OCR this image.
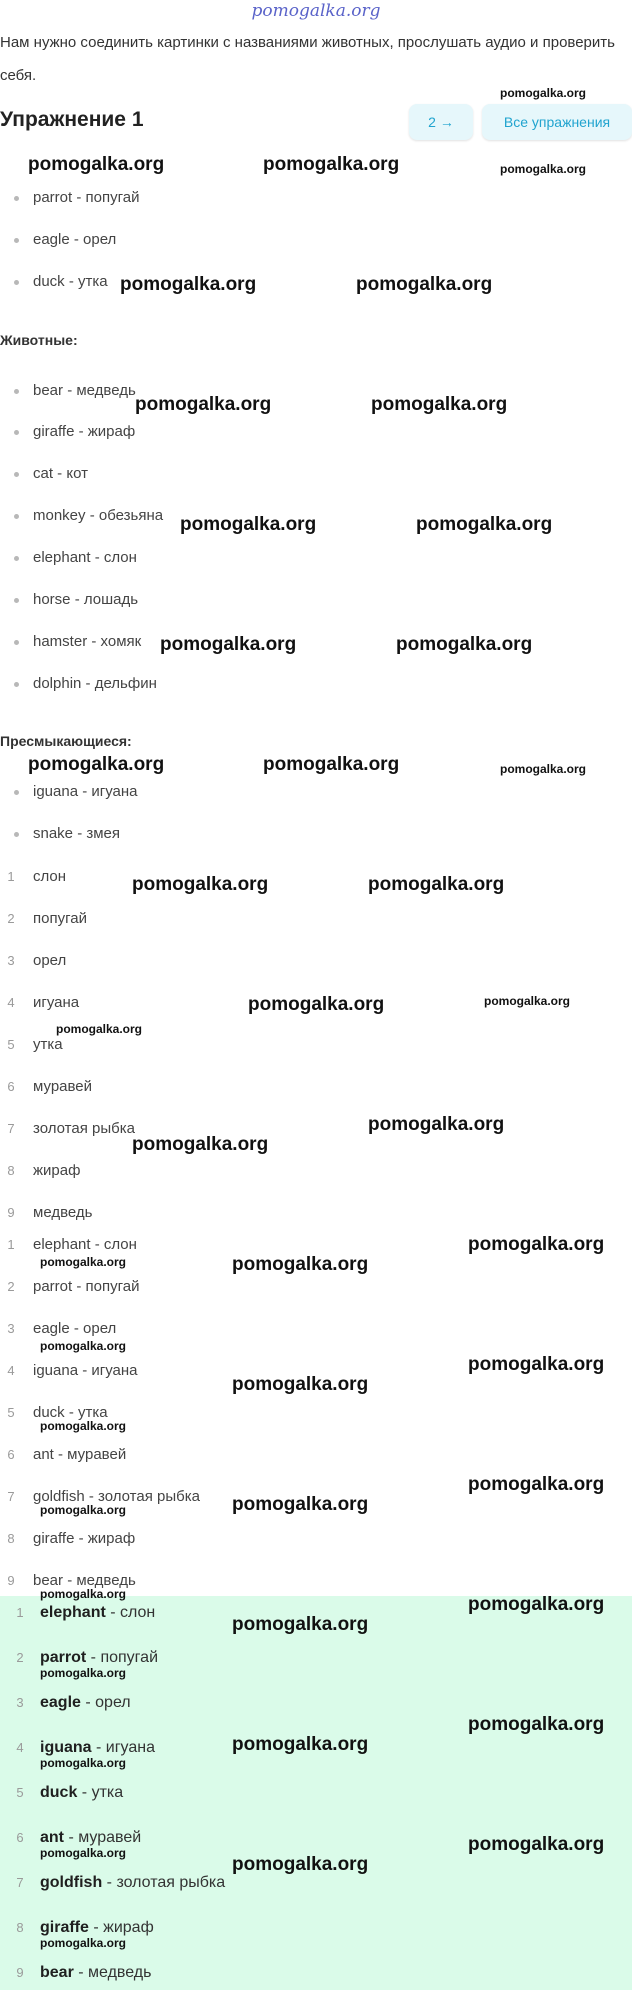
pomogalka.org
Нам нужно соединить картинки с названиями животных, прослушать аудио и проверить себя.
Упражнение 1	2 →	Все упражнения
parrot - попугай
eagle - орел
duck - утка
Животные:
bear - медведь
giraffe - жираф
cat - кот
monkey - обезьяна
elephant - слон
horse - лошадь
hamster - хомяк
dolphin - дельфин
Пресмыкающиеся:
iguana - игуана
snake - змея
1	слон
2	попугай
3	орел
4	игуана
5	утка
6	муравей
7	золотая рыбка
8	жираф
9	медведь
1	elephant - слон
2	parrot - попугай
3	eagle - орел
4	iguana - игуана
5	duck - утка
6	ant - муравей
7	goldfish - золотая рыбка
8	giraffe - жираф
9	bear - медведь
1	elephant - слон
2	parrot - попугай
3	eagle - орел
4	iguana - игуана
5	duck - утка
6	ant - муравей
7	goldfish - золотая рыбка
8	giraffe - жираф
9	bear - медведь
pomogalka.org	pomogalka.org
pomogalka.org
pomogalka.org
pomogalka.org	pomogalka.org
pomogalka.org	pomogalka.org
pomogalka.org	pomogalka.org
pomogalka.org	pomogalka.org
pomogalka.org	pomogalka.org	pomogalka.org
pomogalka.org	pomogalka.org
pomogalka.org	pomogalka.org
pomogalka.org
pomogalka.org
pomogalka.org
pomogalka.org
pomogalka.org
pomogalka.org
pomogalka.org
pomogalka.org
pomogalka.org
pomogalka.org
pomogalka.org
pomogalka.org
pomogalka.org
pomogalka.org	pomogalka.org
pomogalka.org
pomogalka.org
pomogalka.org
pomogalka.org
pomogalka.org
pomogalka.org
pomogalka.org
pomogalka.org
pomogalka.org
